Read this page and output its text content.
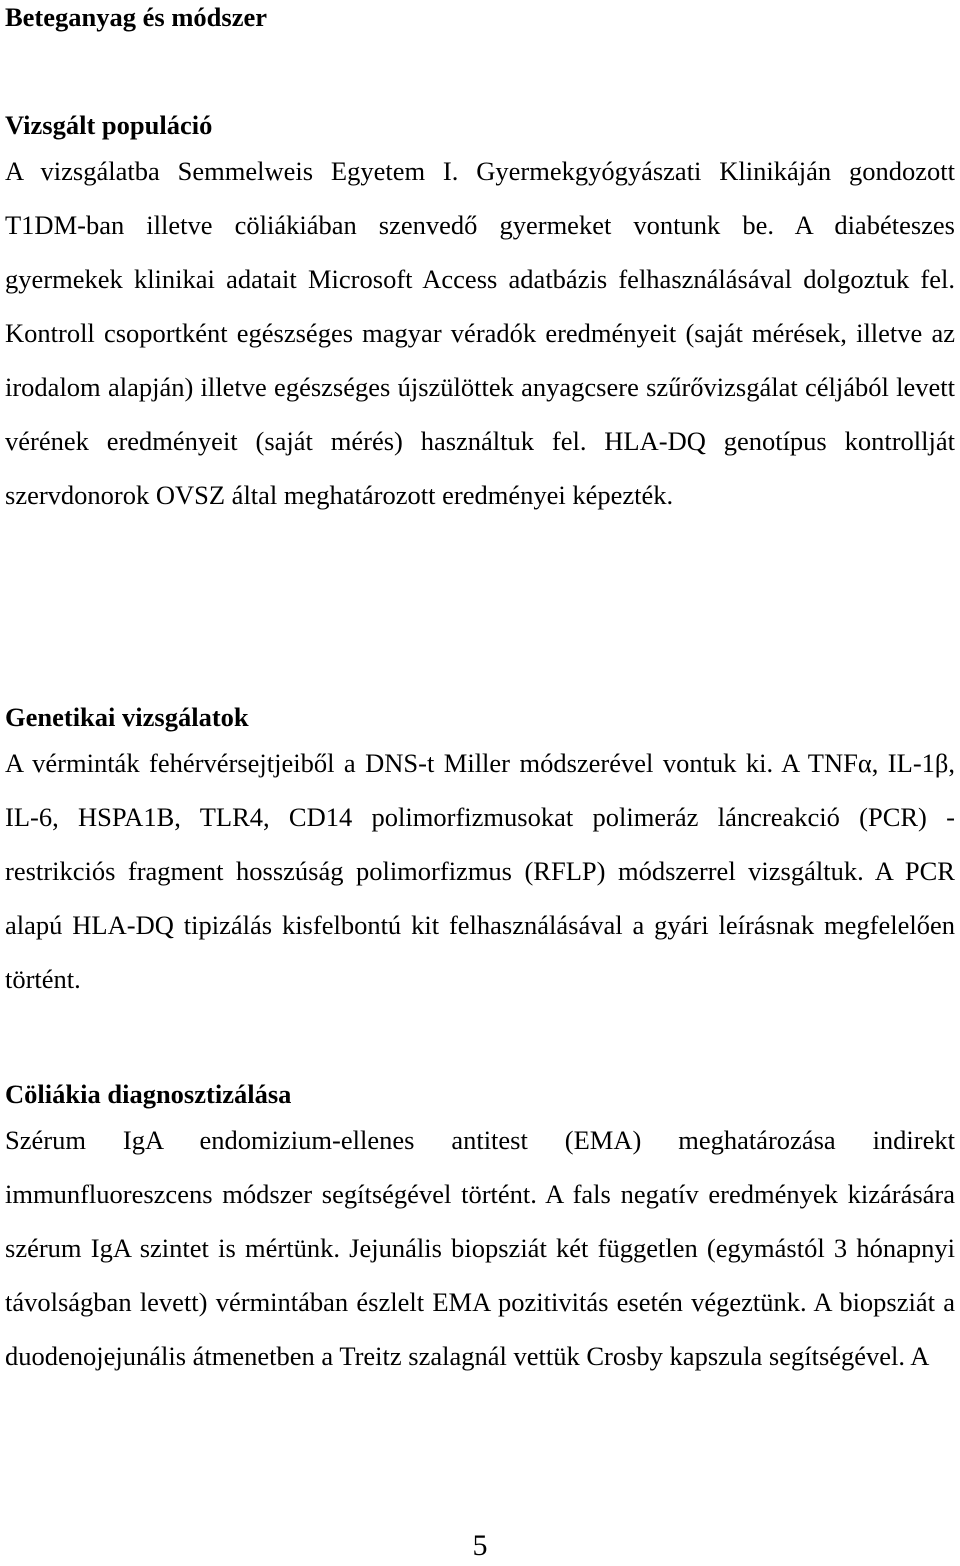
Beteganyag és módszer
Vizsgált populáció

A vizsgálatba Semmelweis Egyetem I. Gyermekgyógyászati Klinikáján gondozott T1DM-ban illetve cöliákiában szenvedő gyermeket vontunk be. A diabéteszes gyermekek klinikai adatait Microsoft Access adatbázis felhasználásával dolgoztuk fel. Kontroll csoportként egészséges magyar véradók eredményeit (saját mérések, illetve az irodalom alapján) illetve egészséges újszülöttek anyagcsere szűrővizsgálat céljából levett vérének eredményeit (saját mérés) használtuk fel. HLA-DQ genotípus kontrollját szervdonorok OVSZ által meghatározott eredményei képezték.

Genetikai vizsgálatok

A vérminták fehérvérsejtjeiből a DNS-t Miller módszerével vontuk ki. A TNFα, IL-1β, IL-6, HSPA1B, TLR4, CD14 polimorfizmusokat polimeráz láncreakció (PCR) - restrikciós fragment hosszúság polimorfizmus (RFLP) módszerrel vizsgáltuk. A PCR alapú HLA-DQ tipizálás kisfelbontú kit felhasználásával a gyári leírásnak megfelelően történt.

Cöliákia diagnosztizálása

Szérum IgA endomizium-ellenes antitest (EMA) meghatározása indirekt immunfluoreszcens módszer segítségével történt. A fals negatív eredmények kizárására szérum IgA szintet is mértünk. Jejunális biopsziát két független (egymástól 3 hónapnyi távolságban levett) vérmintában észlelt EMA pozitivitás esetén végeztünk. A biopsziát a duodenojejunális átmenetben a Treitz szalagnál vettük Crosby kapszula segítségével. A

5
